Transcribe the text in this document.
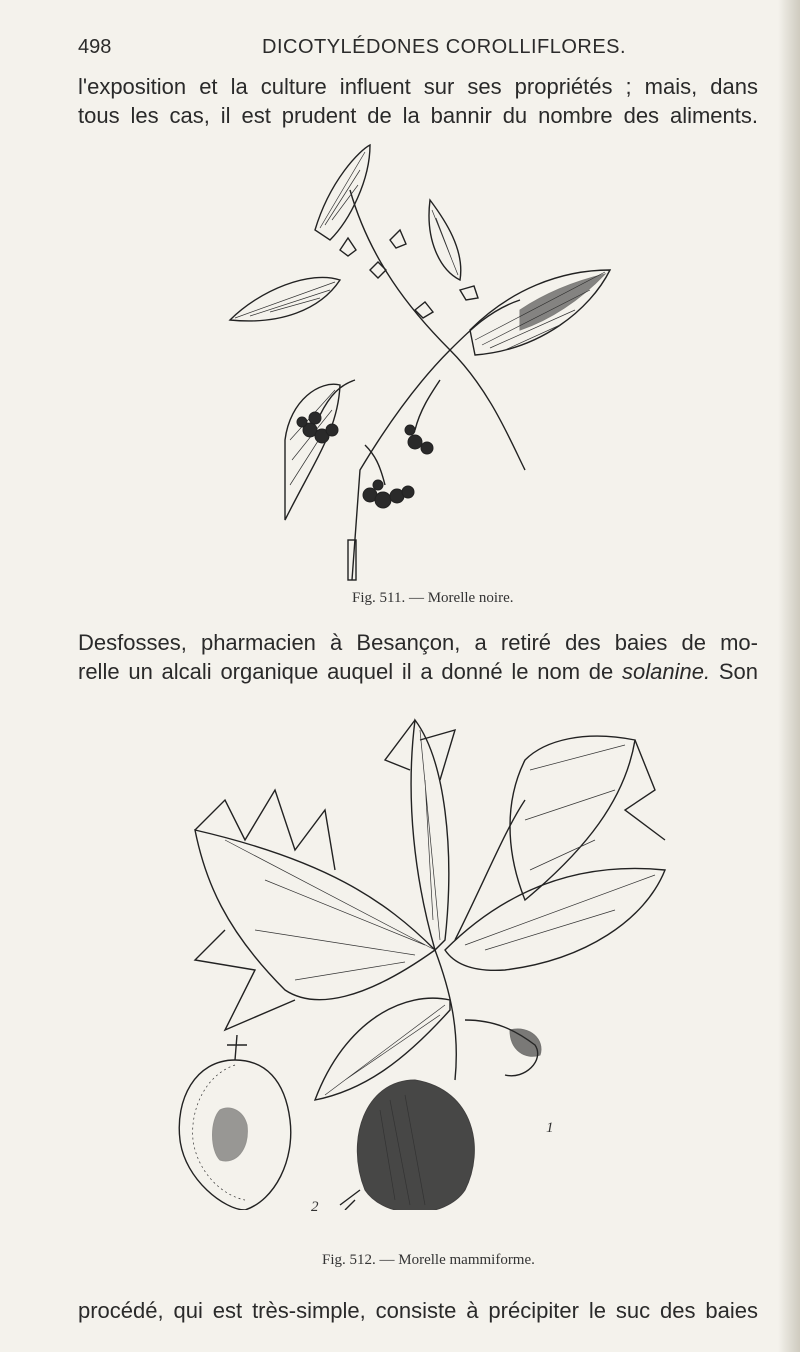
498	DICOTYLÉDONES COROLLIFLORES.
l'exposition et la culture influent sur ses propriétés ; mais, dans
tous les cas, il est prudent de la bannir du nombre des aliments.
Fig. 511. — Morelle noire.
Desfosses, pharmacien à Besançon, a retiré des baies de mo-
relle un alcali organique auquel il a donné le nom de solanine. Son
2
1
Fig. 512. — Morelle mammiforme.
procédé, qui est très-simple, consiste à précipiter le suc des baies
